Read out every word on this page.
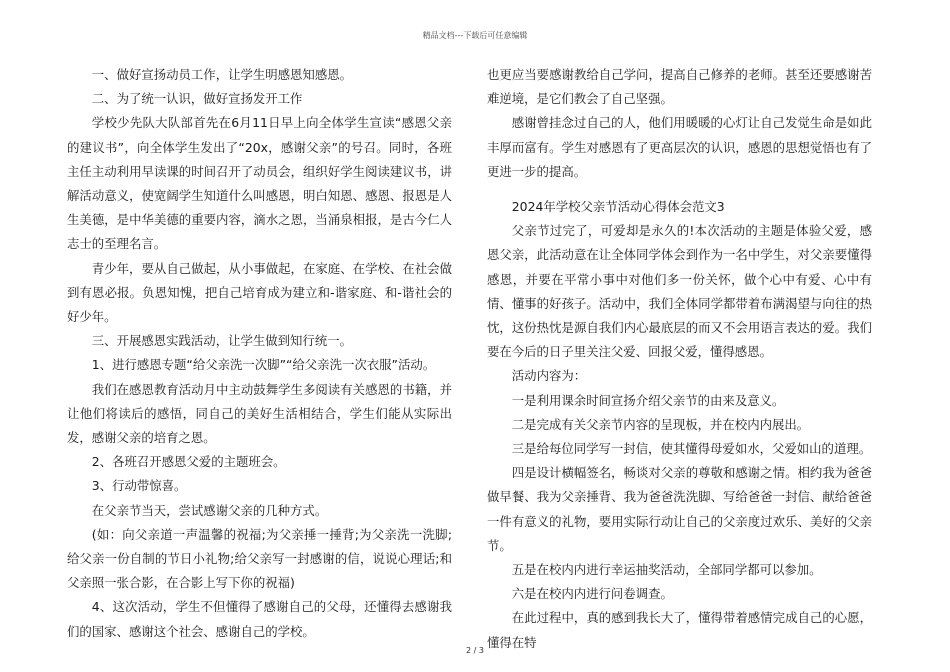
精品文档---下载后可任意编辑

一、做好宣扬动员工作，让学生明感恩知感恩。

二、为了统一认识，做好宣扬发开工作

学校少先队大队部首先在6月11日早上向全体学生宣读“感恩父亲的建议书”，向全体学生发出了“20x，感谢父亲”的号召。同时，各班主任主动利用早读课的时间召开了动员会，组织好学生阅读建议书，讲解活动意义，使宽阔学生知道什么叫感恩，明白知恩、感恩、报恩是人生美德，是中华美德的重要内容，滴水之恩，当涌泉相报，是古今仁人志士的至理名言。

青少年，要从自己做起，从小事做起，在家庭、在学校、在社会做到有恩必报。负恩知愧，把自己培育成为建立和-谐家庭、和-谐社会的好少年。

三、开展感恩实践活动，让学生做到知行统一。

1、进行感恩专题“给父亲洗一次脚”“给父亲洗一次衣服”活动。

我们在感恩教育活动月中主动鼓舞学生多阅读有关感恩的书籍，并让他们将读后的感悟，同自己的美好生活相结合，学生们能从实际出发，感谢父亲的培育之恩。

2、各班召开感恩父爱的主题班会。

3、行动带惊喜。

在父亲节当天，尝试感谢父亲的几种方式。

(如：向父亲道一声温馨的祝福;为父亲捶一捶背;为父亲洗一洗脚;给父亲一份自制的节日小礼物;给父亲写一封感谢的信，说说心理话;和父亲照一张合影，在合影上写下你的祝福)

4、这次活动，学生不但懂得了感谢自己的父母，还懂得去感谢我们的国家、感谢这个社会、感谢自己的学校。

也更应当要感谢教给自己学问，提高自己修养的老师。甚至还要感谢苦难逆境，是它们教会了自己坚强。

感谢曾挂念过自己的人，他们用暖暖的心灯让自己发觉生命是如此丰厚而富有。学生对感恩有了更高层次的认识，感恩的思想觉悟也有了更进一步的提高。

2024年学校父亲节活动心得体会范文3

父亲节过完了，可爱却是永久的!本次活动的主题是体验父爱，感恩父亲，此活动意在让全体同学体会到作为一名中学生，对父亲要懂得感恩，并要在平常小事中对他们多一份关怀，做个心中有爱、心中有情、懂事的好孩子。活动中，我们全体同学都带着布满渴望与向往的热忱，这份热忱是源自我们内心最底层的而又不会用语言表达的爱。我们要在今后的日子里关注父爱、回报父爱，懂得感恩。

活动内容为：

一是利用课余时间宣扬介绍父亲节的由来及意义。

二是完成有关父亲节内容的呈现板，并在校内内展出。

三是给每位同学写一封信，使其懂得母爱如水，父爱如山的道理。

四是设计横幅签名，畅谈对父亲的尊敬和感谢之情。相约我为爸爸做早餐、我为父亲捶背、我为爸爸洗洗脚、写给爸爸一封信、献给爸爸一件有意义的礼物，要用实际行动让自己的父亲度过欢乐、美好的父亲节。

五是在校内内进行幸运抽奖活动，全部同学都可以参加。

六是在校内内进行问卷调查。

在此过程中，真的感到我长大了，懂得带着感情完成自己的心愿，懂得在特

2 / 3
